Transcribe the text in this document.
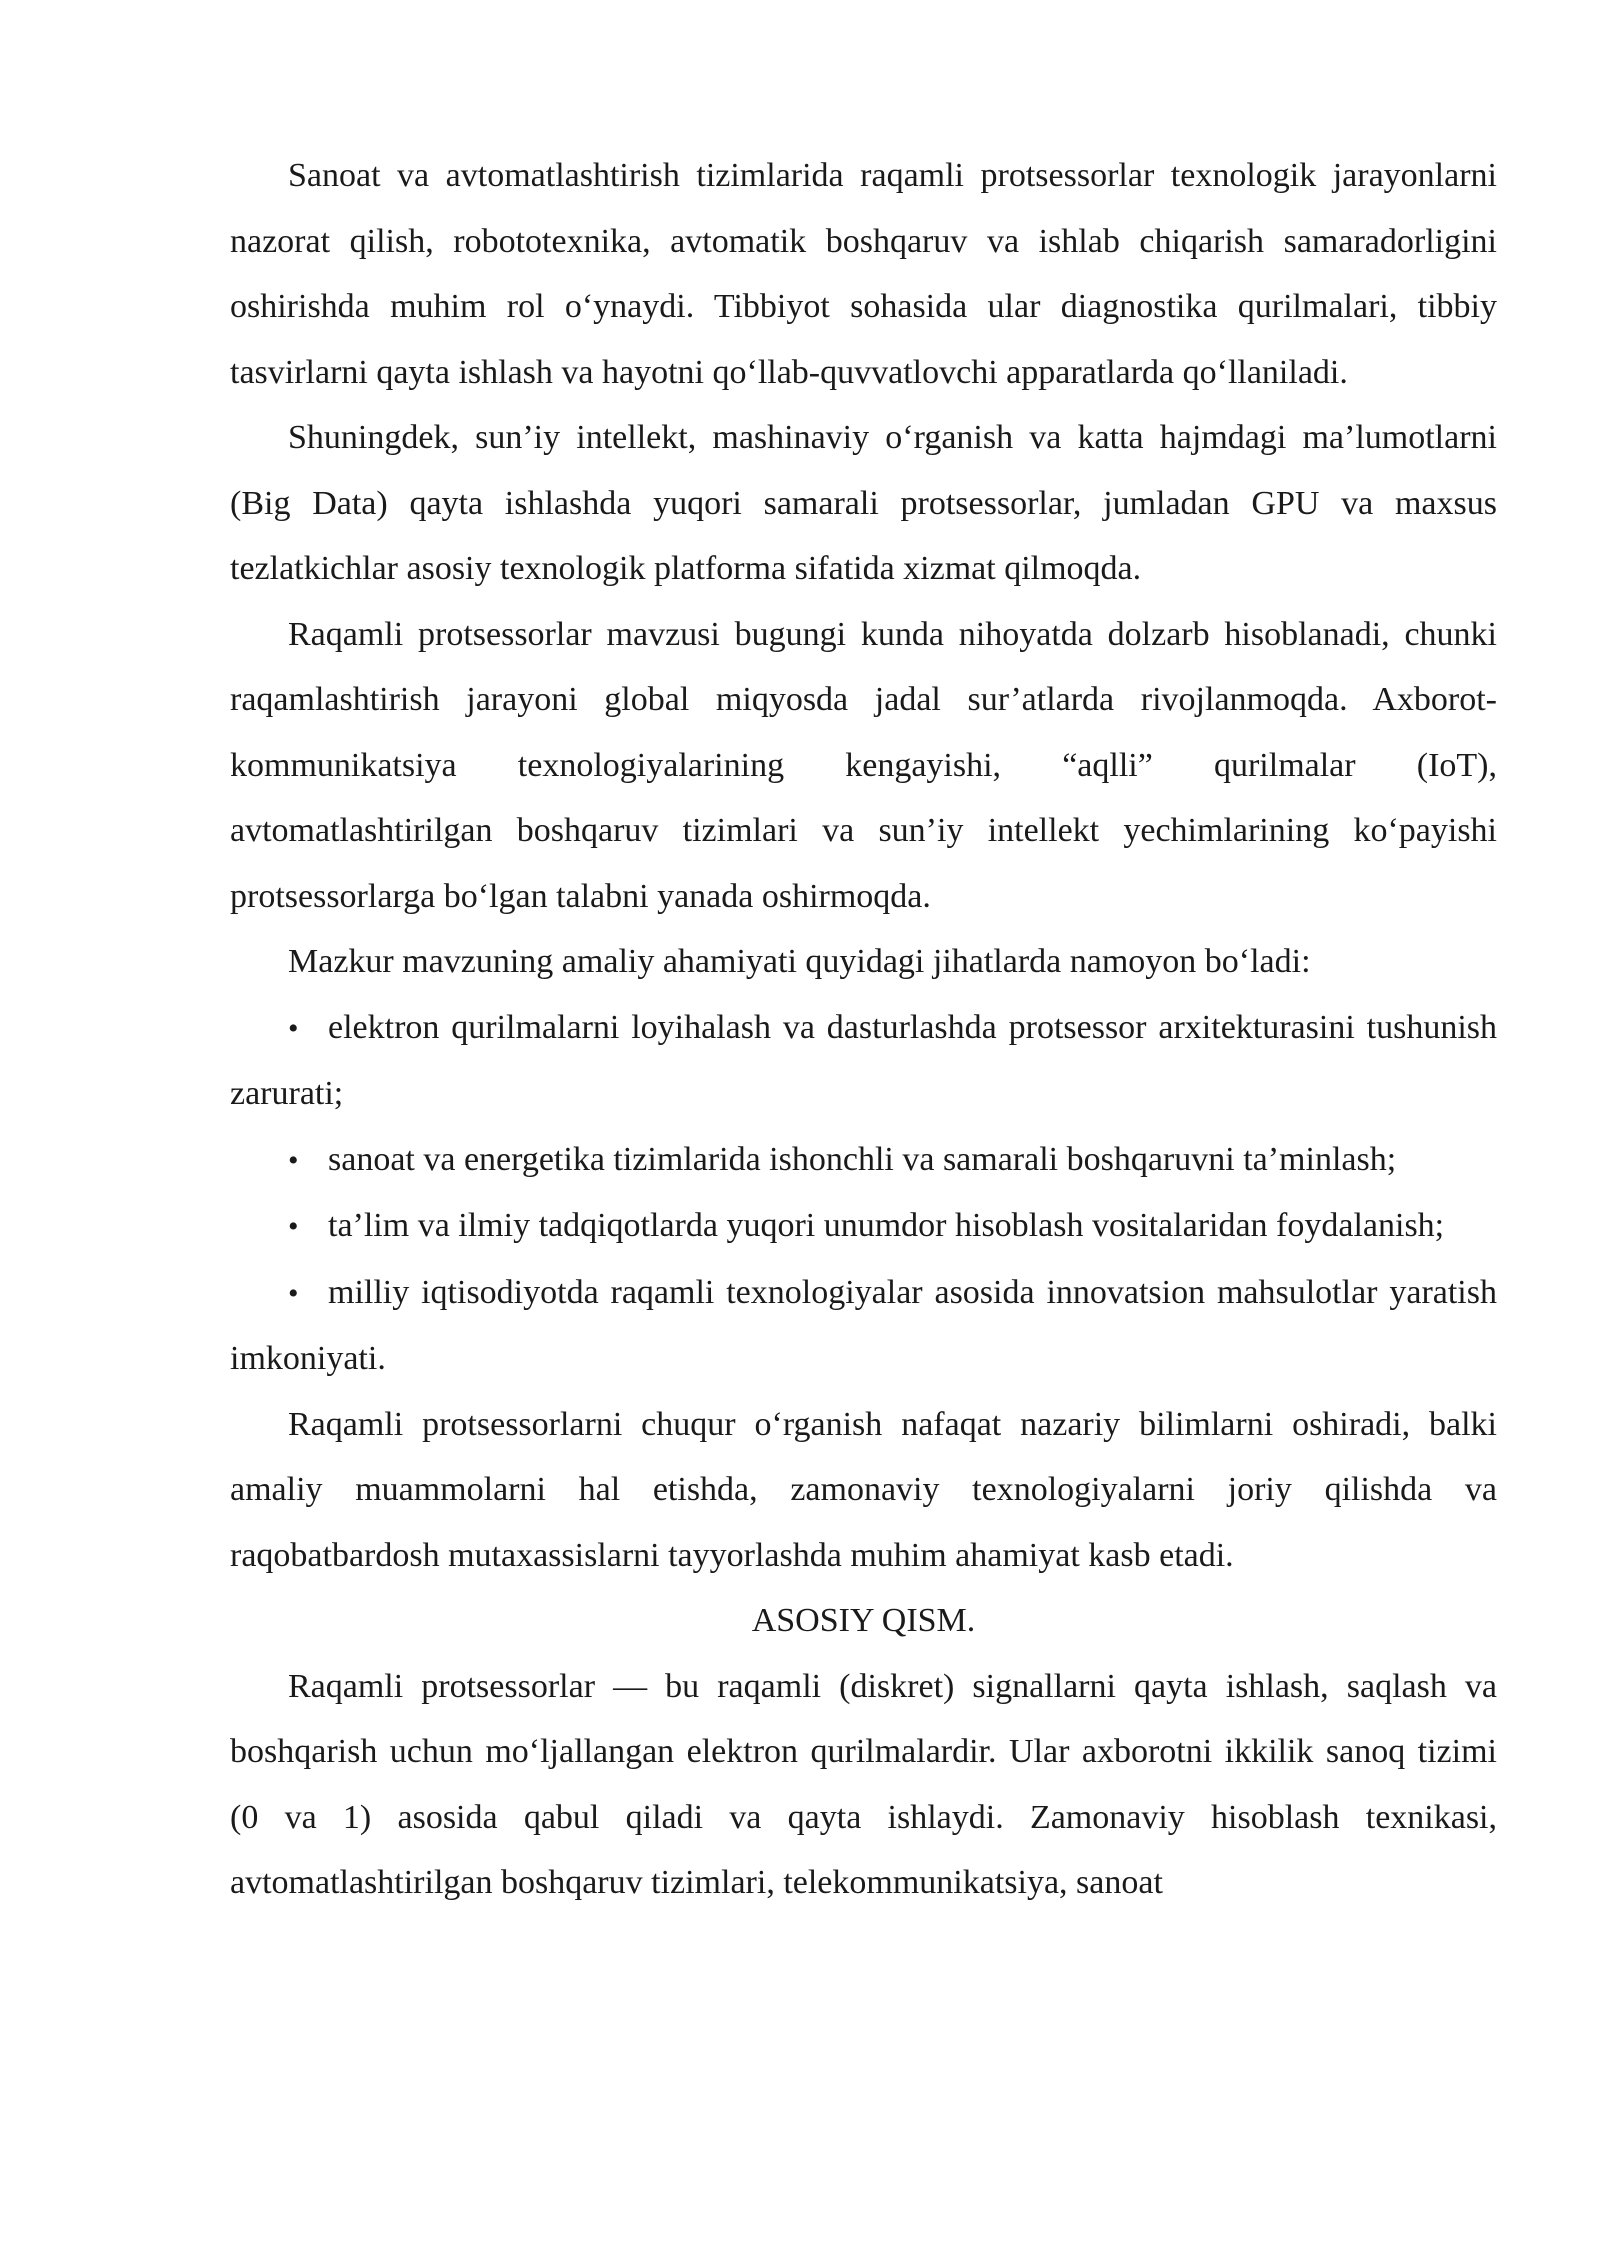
Sanoat va avtomatlashtirish tizimlarida raqamli protsessorlar texnologik jarayonlarni nazorat qilish, robototexnika, avtomatik boshqaruv va ishlab chiqarish samaradorligini oshirishda muhim rol o‘ynaydi. Tibbiyot sohasida ular diagnostika qurilmalari, tibbiy tasvirlarni qayta ishlash va hayotni qo‘llab-quvvatlovchi apparatlarda qo‘llaniladi.

Shuningdek, sun’iy intellekt, mashinaviy o‘rganish va katta hajmdagi ma’lumotlarni (Big Data) qayta ishlashda yuqori samarali protsessorlar, jumladan GPU va maxsus tezlatkichlar asosiy texnologik platforma sifatida xizmat qilmoqda.

Raqamli protsessorlar mavzusi bugungi kunda nihoyatda dolzarb hisoblanadi, chunki raqamlashtirish jarayoni global miqyosda jadal sur’atlarda rivojlanmoqda. Axborot-kommunikatsiya texnologiyalarining kengayishi, “aqlli” qurilmalar (IoT), avtomatlashtirilgan boshqaruv tizimlari va sun’iy intellekt yechimlarining ko‘payishi protsessorlarga bo‘lgan talabni yanada oshirmoqda.

Mazkur mavzuning amaliy ahamiyati quyidagi jihatlarda namoyon bo‘ladi:

• elektron qurilmalarni loyihalash va dasturlashda protsessor arxitekturasini tushunish zarurati;

• sanoat va energetika tizimlarida ishonchli va samarali boshqaruvni ta’minlash;

• ta’lim va ilmiy tadqiqotlarda yuqori unumdor hisoblash vositalaridan foydalanish;

• milliy iqtisodiyotda raqamli texnologiyalar asosida innovatsion mahsulotlar yaratish imkoniyati.

Raqamli protsessorlarni chuqur o‘rganish nafaqat nazariy bilimlarni oshiradi, balki amaliy muammolarni hal etishda, zamonaviy texnologiyalarni joriy qilishda va raqobatbardosh mutaxassislarni tayyorlashda muhim ahamiyat kasb etadi.

ASOSIY QISM.

Raqamli protsessorlar — bu raqamli (diskret) signallarni qayta ishlash, saqlash va boshqarish uchun mo‘ljallangan elektron qurilmalardir. Ular axborotni ikkilik sanoq tizimi (0 va 1) asosida qabul qiladi va qayta ishlaydi. Zamonaviy hisoblash texnikasi, avtomatlashtirilgan boshqaruv tizimlari, telekommunikatsiya, sanoat
